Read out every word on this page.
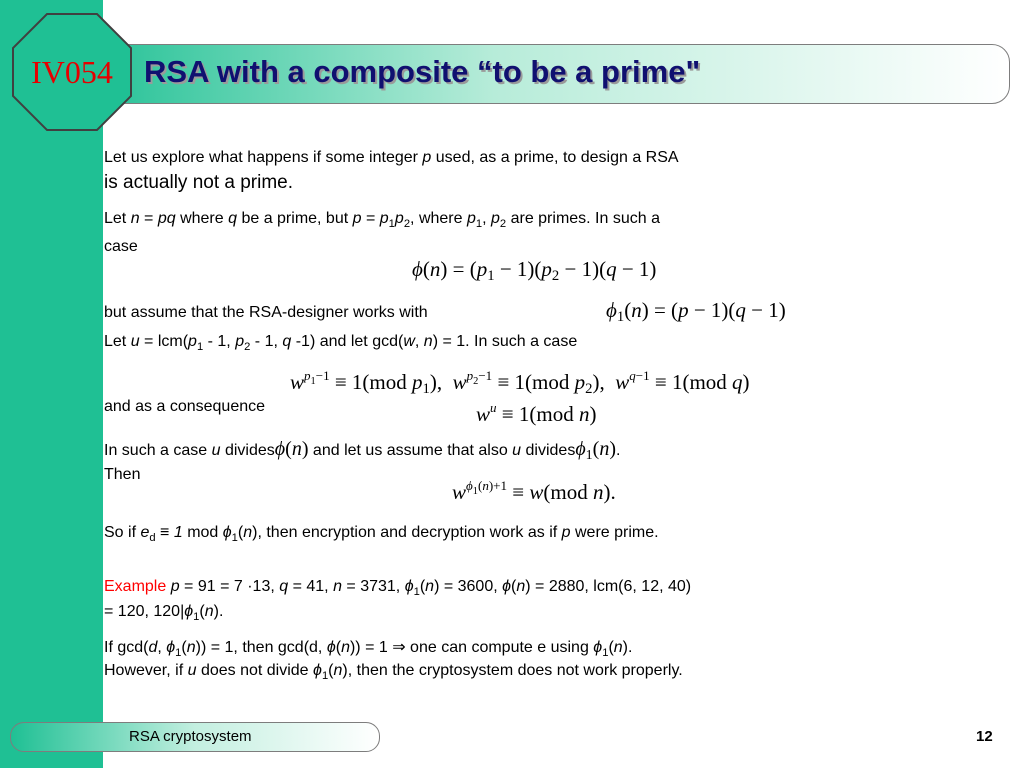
RSA with a composite “to be a prime"
IV054
Let us explore what happens if some integer p used, as a prime, to design a RSA
is actually not a prime.
Let n = pq where q be a prime, but $p = p_1p_2$, where $p_1$, $p_2$ are primes. In such a
case
$\phi(n) = (p_1 - 1)(p_2 - 1)(q - 1)$
but assume that the RSA-designer works with	$\phi_1(n) = (p - 1)(q - 1)$
Let $u = lcm(p_1 - 1$, $p_2 - 1$, q -1) and let gcd(w, n) = 1. In such a case
$w^{p_1-1} \equiv 1(mod$ $p_1$),  $w^{p_2-1} \equiv 1(mod$ $p_2$),  $w^{q-1} \equiv 1(mod$ q)
and as a consequence	$w^u \equiv 1(mod$ n)
In such a case u dividesϕ(n) and let us assume that also u dividesϕ$_1$(n).
Then
$w^{\phi_1(n)+1} \equiv w(mod$ n).
So if $e_d \equiv 1$ mod $\phi_1(n)$, then encryption and decryption work as if p were prime.
Example p = 91 = 7 ·13, q = 41, n = 3731, $\phi_1(n) = 3600$, ϕ(n) = 2880, lcm(6, 12, 40)
= 120, $120|\phi_1(n)$.
If gcd(d, $\phi_1(n)) = 1$, then gcd(d, ϕ(n)) = 1 ⇒ one can compute e using $\phi_1(n)$.
However, if u does not divide $\phi_1(n)$, then the cryptosystem does not work properly.
RSA cryptosystem	12
